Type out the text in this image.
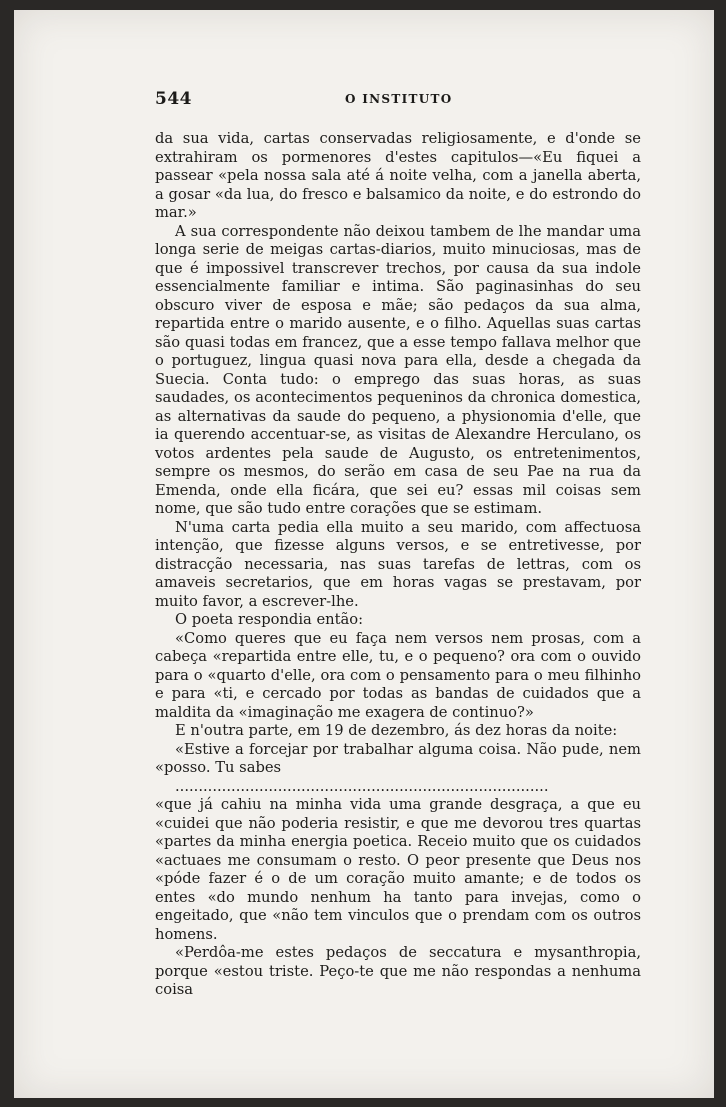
544	O INSTITUTO

da sua vida, cartas conservadas religiosamente, e d'onde se extrahiram os pormenores d'estes capitulos—«Eu fiquei a passear «pela nossa sala até á noite velha, com a janella aberta, a gosar «da lua, do fresco e balsamico da noite, e do estrondo do mar.»

A sua correspondente não deixou tambem de lhe mandar uma longa serie de meigas cartas-diarios, muito minuciosas, mas de que é impossivel transcrever trechos, por causa da sua indole essencialmente familiar e intima. São paginasinhas do seu obscuro viver de esposa e mãe; são pedaços da sua alma, repartida entre o marido ausente, e o filho. Aquellas suas cartas são quasi todas em francez, que a esse tempo fallava melhor que o portuguez, lingua quasi nova para ella, desde a chegada da Suecia. Conta tudo: o emprego das suas horas, as suas saudades, os acontecimentos pequeninos da chronica domestica, as alternativas da saude do pequeno, a physionomia d'elle, que ia querendo accentuar-se, as visitas de Alexandre Herculano, os votos ardentes pela saude de Augusto, os entretenimentos, sempre os mesmos, do serão em casa de seu Pae na rua da Emenda, onde ella ficára, que sei eu? essas mil coisas sem nome, que são tudo entre corações que se estimam.

N'uma carta pedia ella muito a seu marido, com affectuosa intenção, que fizesse alguns versos, e se entretivesse, por distracção necessaria, nas suas tarefas de lettras, com os amaveis secretarios, que em horas vagas se prestavam, por muito favor, a escrever-lhe.

O poeta respondia então:

«Como queres que eu faça nem versos nem prosas, com a cabeça «repartida entre elle, tu, e o pequeno? ora com o ouvido para o «quarto d'elle, ora com o pensamento para o meu filhinho e para «ti, e cercado por todas as bandas de cuidados que a maldita da «imaginação me exagera de continuo?»

E n'outra parte, em 19 de dezembro, ás dez horas da noite:

«Estive a forcejar por trabalhar alguma coisa. Não pude, nem «posso. Tu sabes
................................................................................

«que já cahiu na minha vida uma grande desgraça, a que eu «cuidei que não poderia resistir, e que me devorou tres quartas «partes da minha energia poetica. Receio muito que os cuidados «actuaes me consumam o resto. O peor presente que Deus nos «póde fazer é o de um coração muito amante; e de todos os entes «do mundo nenhum ha tanto para invejas, como o engeitado, que «não tem vinculos que o prendam com os outros homens.

«Perdôa-me estes pedaços de seccatura e mysanthropia, porque «estou triste. Peço-te que me não respondas a nenhuma coisa
